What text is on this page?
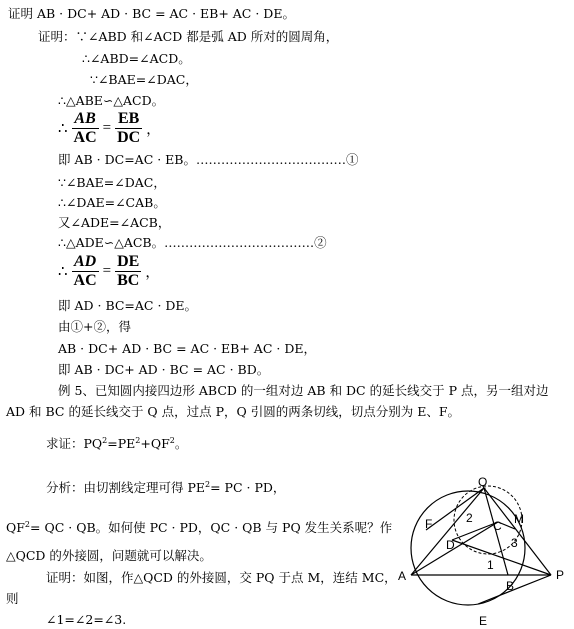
证明 AB · DC+ AD · BC = AC · EB+ AC · DE。
证明：∵∠ABD 和∠ACD 都是弧 AD 所对的圆周角，
∴∠ABD=∠ACD。
∵∠BAE=∠DAC，
∴△ABE∽△ACD。
∴ $\frac{AB}{AC} = \frac{EB}{DC}$ ，
即 AB · DC=AC · EB。………………………………①
∵∠BAE=∠DAC，
∴∠DAE=∠CAB。
又∠ADE=∠ACB，
∴△ADE∽△ACB。………………………………②
∴ $\frac{AD}{AC} = \frac{DE}{BC}$ ，
即 AD · BC=AC · DE。
由①+②，得
AB · DC+ AD · BC = AC · EB+ AC · DE，
即 AB · DC+ AD · BC = AC · BD。
例 5、已知圆内接四边形 ABCD 的一组对边 AB 和 DC 的延长线交于 P 点，另一组对边
AD 和 BC 的延长线交于 Q 点，过点 P，Q 引圆的两条切线，切点分别为 E、F。
求证：$PQ^2=PE^2+QF^2$。
分析：由切割线定理可得 $PE^2=$ PC · PD，
$QF^2=$ QC · QB。如何使 PC · PD，QC · QB 与 PQ 发生关系呢？作
△QCD 的外接圆，问题就可以解决。
证明：如图，作△QCD 的外接圆，交 PQ 于点 M，连结 MC，
则
∠1=∠2=∠3.
Q
F	M
C
D
A
B
P
E
2
3
1
